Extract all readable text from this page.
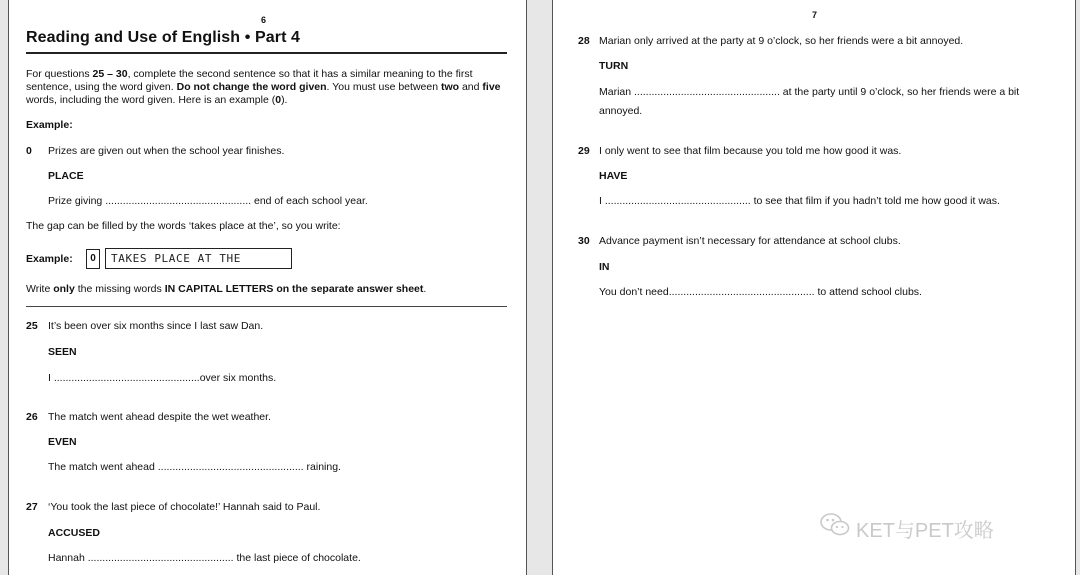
6
Reading and Use of English • Part 4
For questions 25 – 30, complete the second sentence so that it has a similar meaning to the first sentence, using the word given. Do not change the word given. You must use between two and five words, including the word given. Here is an example (0).
Example:
0 Prizes are given out when the school year finishes.
PLACE
Prize giving .................................................. end of each school year.
The gap can be filled by the words ‘takes place at the’, so you write:
Example:	0	TAKES PLACE AT THE
Write only the missing words IN CAPITAL LETTERS on the separate answer sheet.
25 It’s been over six months since I last saw Dan.
SEEN
I ..................................................over six months.
26 The match went ahead despite the wet weather.
EVEN
The match went ahead .................................................. raining.
27 ‘You took the last piece of chocolate!’ Hannah said to Paul.
ACCUSED
Hannah .................................................. the last piece of chocolate.
7
28 Marian only arrived at the party at 9 o’clock, so her friends were a bit annoyed.
TURN
Marian .................................................. at the party until 9 o’clock, so her friends were a bit
annoyed.
29 I only went to see that film because you told me how good it was.
HAVE
I .................................................. to see that film if you hadn’t told me how good it was.
30 Advance payment isn’t necessary for attendance at school clubs.
IN
You don’t need.................................................. to attend school clubs.
KET与PET攻略
